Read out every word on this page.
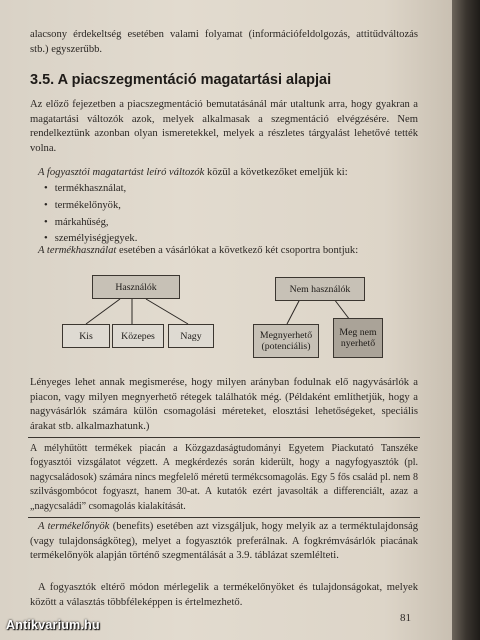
alacsony érdekeltség esetében valami folyamat (információfeldolgozás, attitűdváltozás stb.) egyszerűbb.
3.5. A piacszegmentáció magatartási alapjai
Az előző fejezetben a piacszegmentáció bemutatásánál már utaltunk arra, hogy gyakran a magatartási változók azok, melyek alkalmasak a szegmentáció elvégzésére. Nem rendelkeztünk azonban olyan ismeretekkel, melyek a részletes tárgyalást lehetővé tették volna.
A fogyasztói magatartást leíró változók közül a következőket emeljük ki:
• termékhasználat,
• termékelőnyök,
• márkahűség,
• személyiségjegyek.
A termékhasználat esetében a vásárlókat a következő két csoportra bontjuk:
Használók
Kis	Közepes	Nagy
Nem használók
Megnyerhető (potenciális)
Meg nem nyerhető
Lényeges lehet annak megismerése, hogy milyen arányban fodulnak elő nagyvásárlók a piacon, vagy milyen megnyerhető rétegek találhatók még. (Példaként említhetjük, hogy a nagyvásárlók számára külön csomagolási méreteket, elosztási lehetőségeket, speciális árakat stb. alkalmazhatunk.)
A mélyhűtött termékek piacán a Közgazdaságtudományi Egyetem Piackutató Tanszéke fogyasztói vizsgálatot végzett. A megkérdezés során kiderült, hogy a nagyfogyasztók (pl. nagycsaládosok) számára nincs megfelelő méretű termékcsomagolás. Egy 5 fős család pl. nem 8 szilvásgombócot fogyaszt, hanem 30-at. A kutatók ezért javasolták a differenciált, azaz a „nagycsaládi” csomagolás kialakítását.
A termékelőnyök (benefits) esetében azt vizsgáljuk, hogy melyik az a terméktulajdonság (vagy tulajdonságköteg), melyet a fogyasztók preferálnak. A fogkrémvásárlók piacának termékelőnyök alapján történő szegmentálását a 3.9. táblázat szemlélteti.
A fogyasztók eltérő módon mérlegelik a termékelőnyöket és tulajdonságokat, melyek között a választás többféleképpen is értelmezhető.
81
Antikvarium.hu
